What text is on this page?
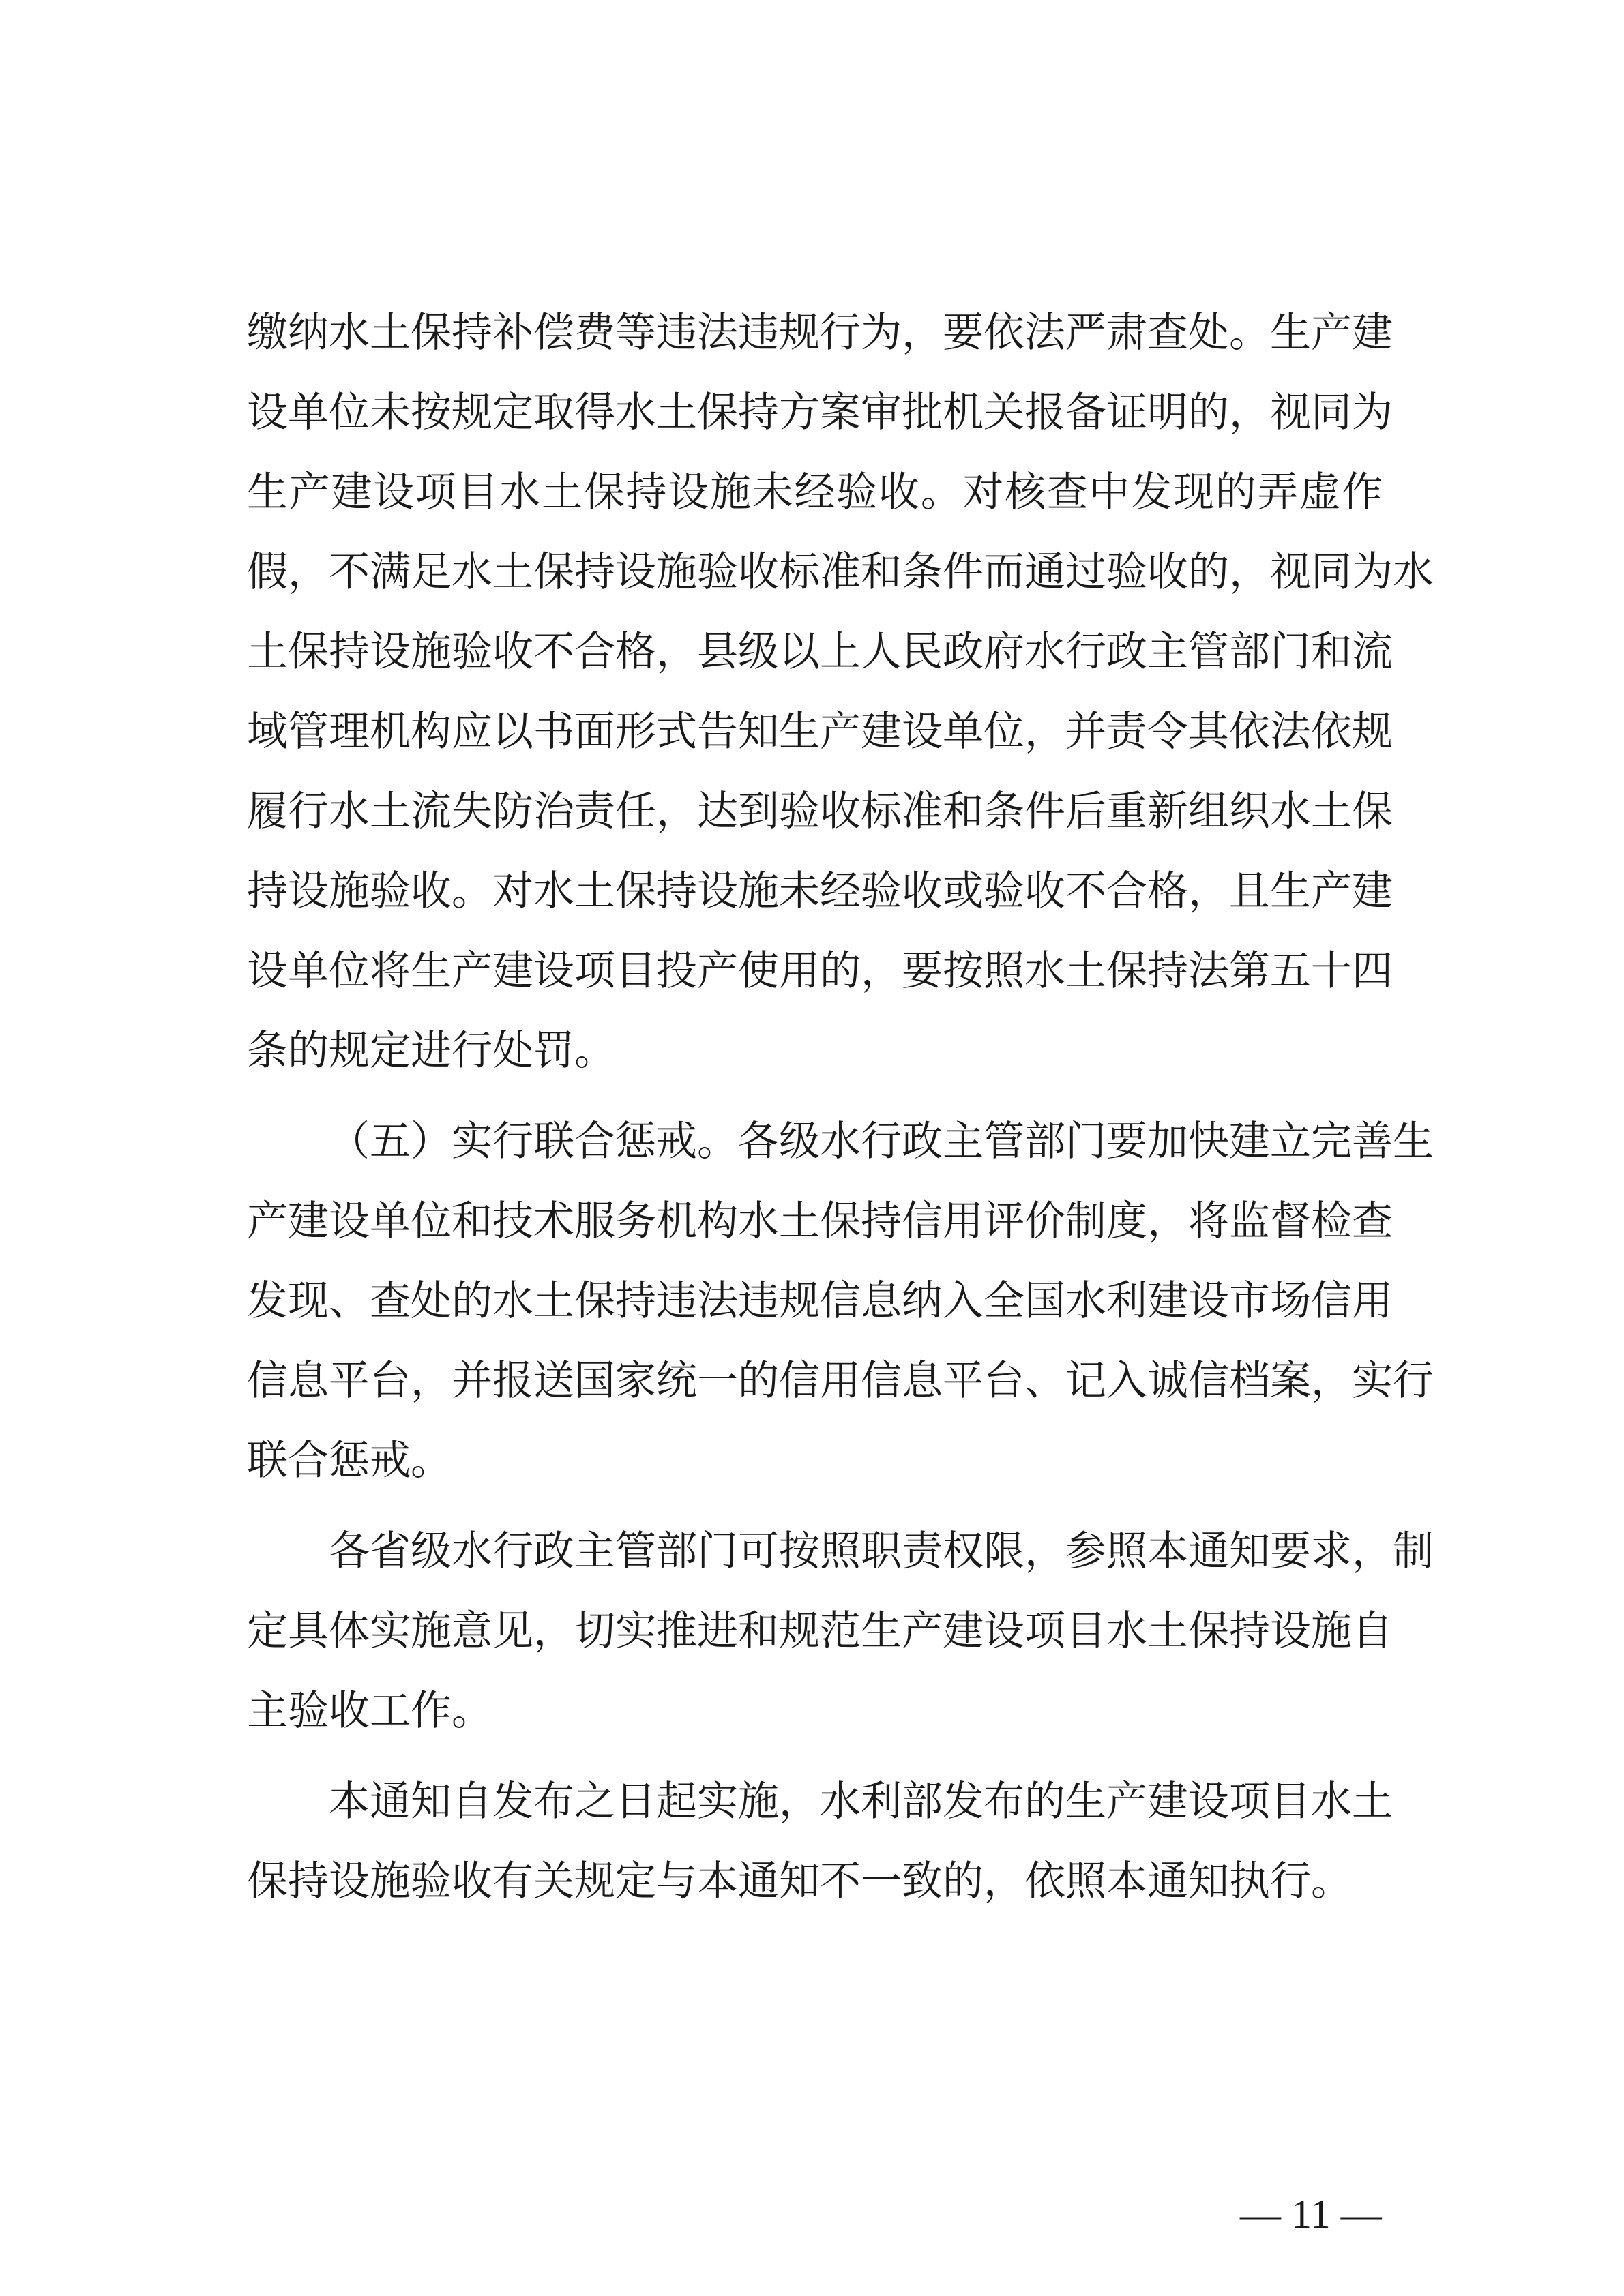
缴纳水土保持补偿费等违法违规行为，要依法严肃查处。生产建
设单位未按规定取得水土保持方案审批机关报备证明的，视同为
生产建设项目水土保持设施未经验收。对核查中发现的弄虚作
假，不满足水土保持设施验收标准和条件而通过验收的，视同为水
土保持设施验收不合格，县级以上人民政府水行政主管部门和流
域管理机构应以书面形式告知生产建设单位，并责令其依法依规
履行水土流失防治责任，达到验收标准和条件后重新组织水土保
持设施验收。对水土保持设施未经验收或验收不合格，且生产建
设单位将生产建设项目投产使用的，要按照水土保持法第五十四
条的规定进行处罚。
（五）实行联合惩戒。各级水行政主管部门要加快建立完善生
产建设单位和技术服务机构水土保持信用评价制度，将监督检查
发现、查处的水土保持违法违规信息纳入全国水利建设市场信用
信息平台，并报送国家统一的信用信息平台、记入诚信档案，实行
联合惩戒。
各省级水行政主管部门可按照职责权限，参照本通知要求，制
定具体实施意见，切实推进和规范生产建设项目水土保持设施自
主验收工作。
本通知自发布之日起实施，水利部发布的生产建设项目水土
保持设施验收有关规定与本通知不一致的，依照本通知执行。
— 11 —
